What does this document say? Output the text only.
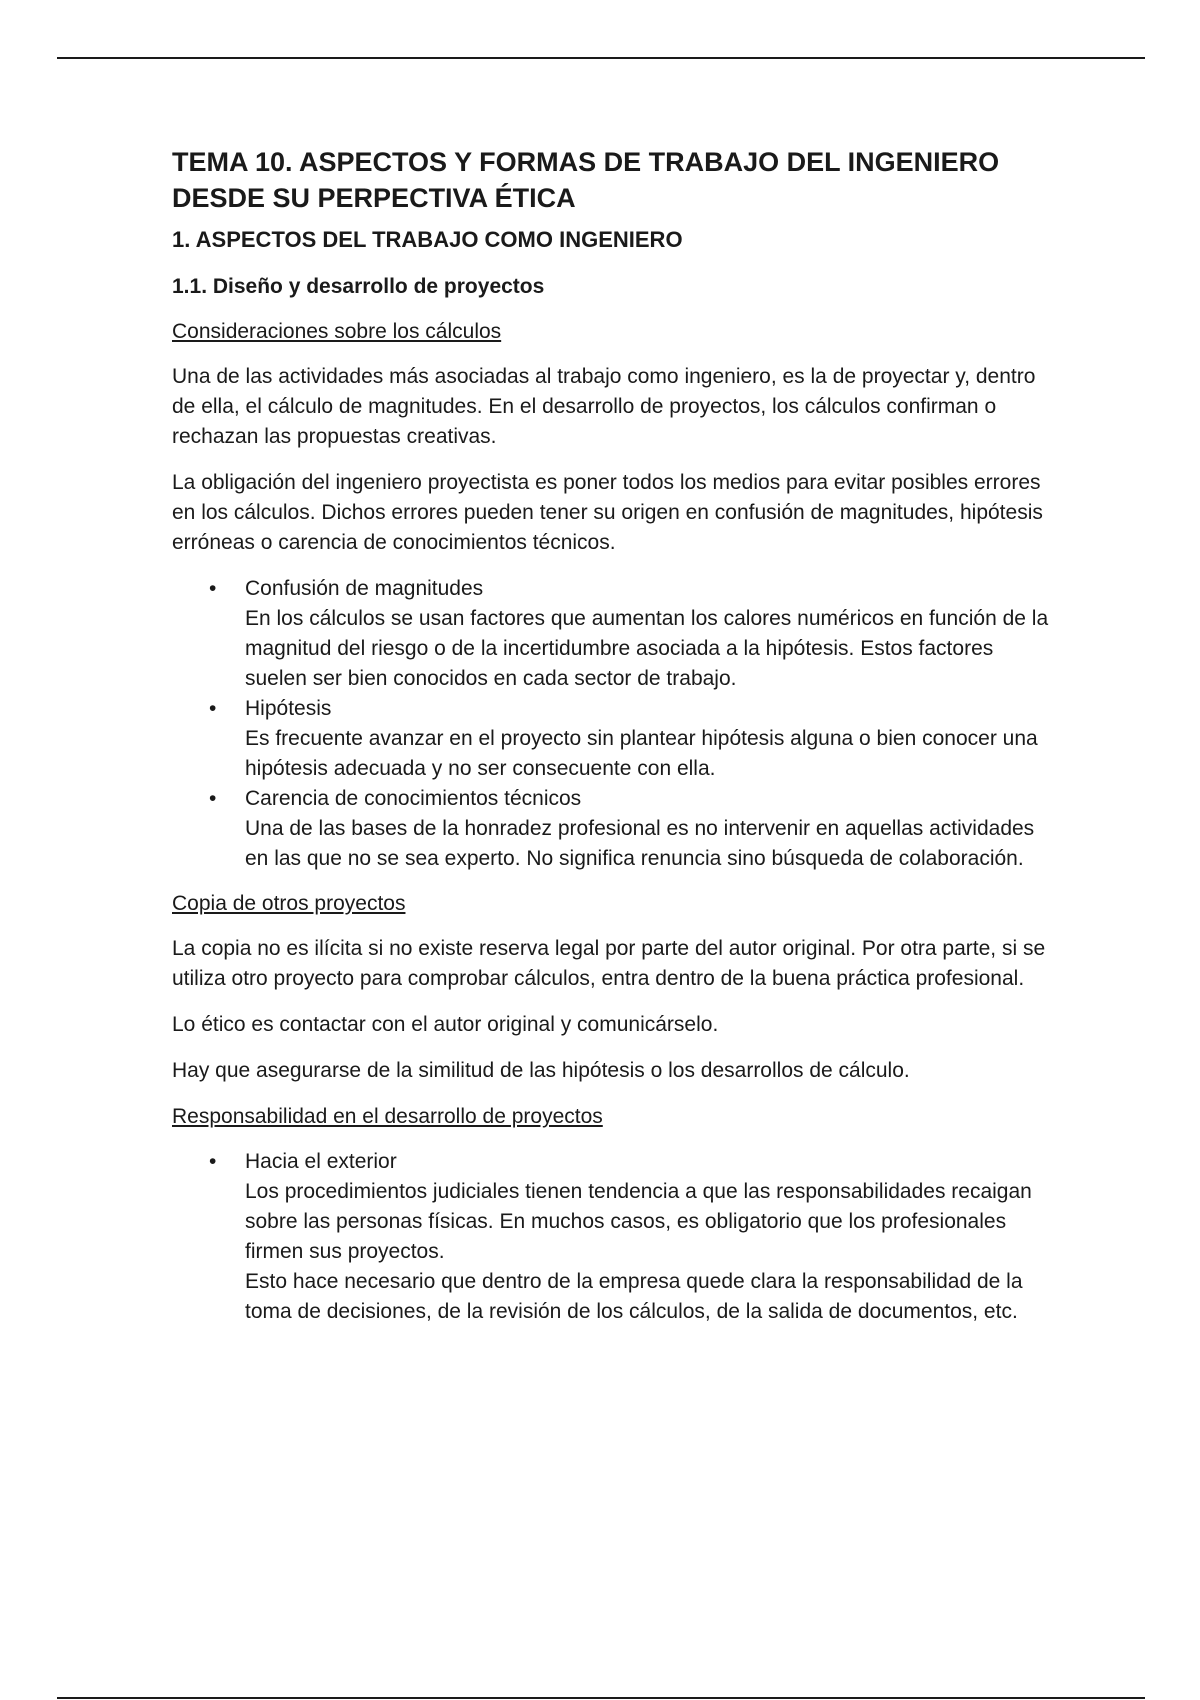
TEMA 10. ASPECTOS Y FORMAS DE TRABAJO DEL INGENIERO DESDE SU PERPECTIVA ÉTICA
1. ASPECTOS DEL TRABAJO COMO INGENIERO
1.1. Diseño y desarrollo de proyectos
Consideraciones sobre los cálculos

Una de las actividades más asociadas al trabajo como ingeniero, es la de proyectar y, dentro de ella, el cálculo de magnitudes. En el desarrollo de proyectos, los cálculos confirman o rechazan las propuestas creativas.

La obligación del ingeniero proyectista es poner todos los medios para evitar posibles errores en los cálculos. Dichos errores pueden tener su origen en confusión de magnitudes, hipótesis erróneas o carencia de conocimientos técnicos.

• Confusión de magnitudes
En los cálculos se usan factores que aumentan los calores numéricos en función de la magnitud del riesgo o de la incertidumbre asociada a la hipótesis. Estos factores suelen ser bien conocidos en cada sector de trabajo.
• Hipótesis
Es frecuente avanzar en el proyecto sin plantear hipótesis alguna o bien conocer una hipótesis adecuada y no ser consecuente con ella.
• Carencia de conocimientos técnicos
Una de las bases de la honradez profesional es no intervenir en aquellas actividades en las que no se sea experto. No significa renuncia sino búsqueda de colaboración.
Copia de otros proyectos

La copia no es ilícita si no existe reserva legal por parte del autor original. Por otra parte, si se utiliza otro proyecto para comprobar cálculos, entra dentro de la buena práctica profesional.

Lo ético es contactar con el autor original y comunicárselo.

Hay que asegurarse de la similitud de las hipótesis o los desarrollos de cálculo.

Responsabilidad en el desarrollo de proyectos
• Hacia el exterior
Los procedimientos judiciales tienen tendencia a que las responsabilidades recaigan sobre las personas físicas. En muchos casos, es obligatorio que los profesionales firmen sus proyectos.
Esto hace necesario que dentro de la empresa quede clara la responsabilidad de la toma de decisiones, de la revisión de los cálculos, de la salida de documentos, etc.
